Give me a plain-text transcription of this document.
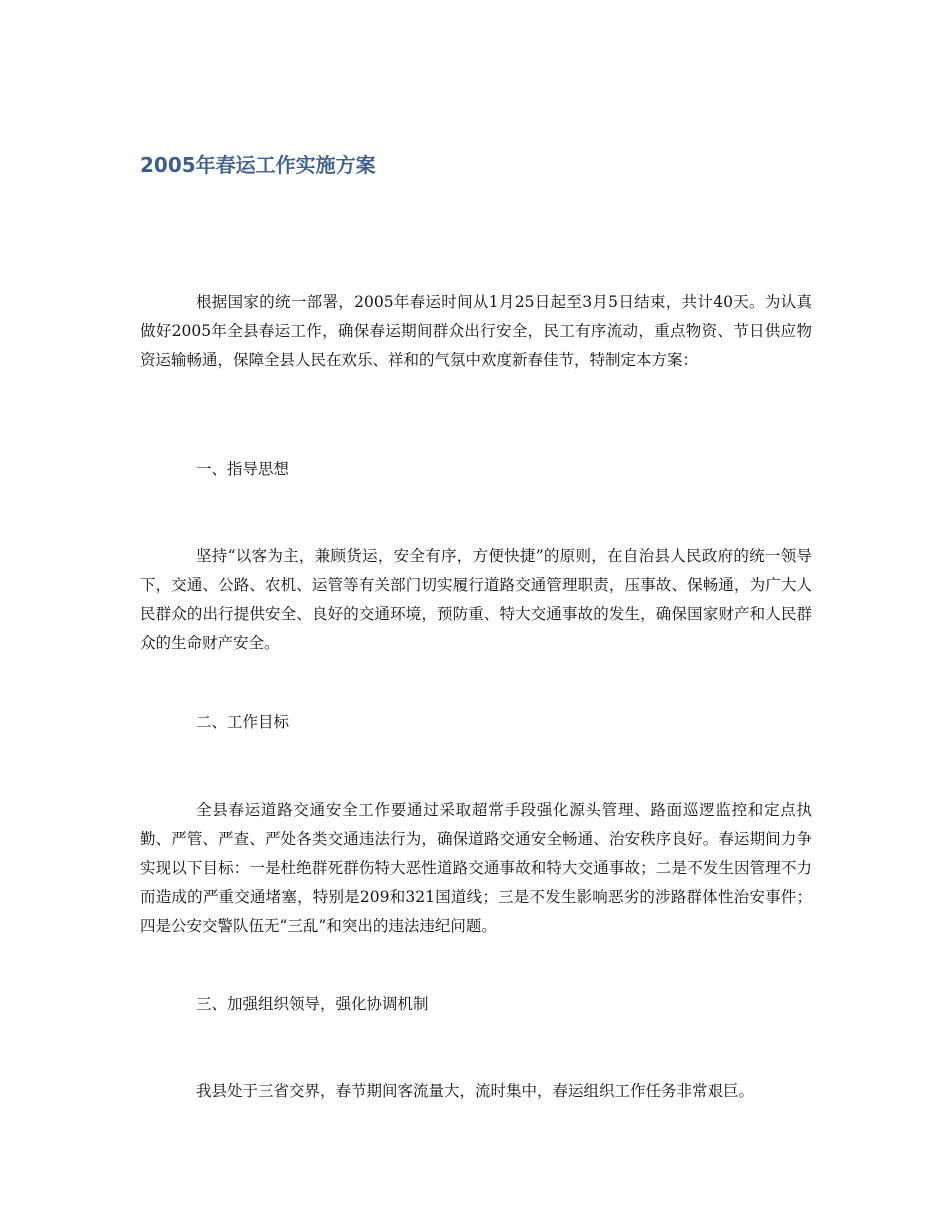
2005年春运工作实施方案

根据国家的统一部署，2005年春运时间从1月25日起至3月5日结束，共计40天。为认真做好2005年全县春运工作，确保春运期间群众出行安全，民工有序流动，重点物资、节日供应物资运输畅通，保障全县人民在欢乐、祥和的气氛中欢度新春佳节，特制定本方案：

一、指导思想

坚持“以客为主，兼顾货运，安全有序，方便快捷”的原则，在自治县人民政府的统一领导下，交通、公路、农机、运管等有关部门切实履行道路交通管理职责，压事故、保畅通，为广大人民群众的出行提供安全、良好的交通环境，预防重、特大交通事故的发生，确保国家财产和人民群众的生命财产安全。

二、工作目标

全县春运道路交通安全工作要通过采取超常手段强化源头管理、路面巡逻监控和定点执勤、严管、严查、严处各类交通违法行为，确保道路交通安全畅通、治安秩序良好。春运期间力争实现以下目标：一是杜绝群死群伤特大恶性道路交通事故和特大交通事故；二是不发生因管理不力而造成的严重交通堵塞，特别是209和321国道线；三是不发生影响恶劣的涉路群体性治安事件；四是公安交警队伍无“三乱”和突出的违法违纪问题。

三、加强组织领导，强化协调机制

我县处于三省交界，春节期间客流量大，流时集中，春运组织工作任务非常艰巨。
